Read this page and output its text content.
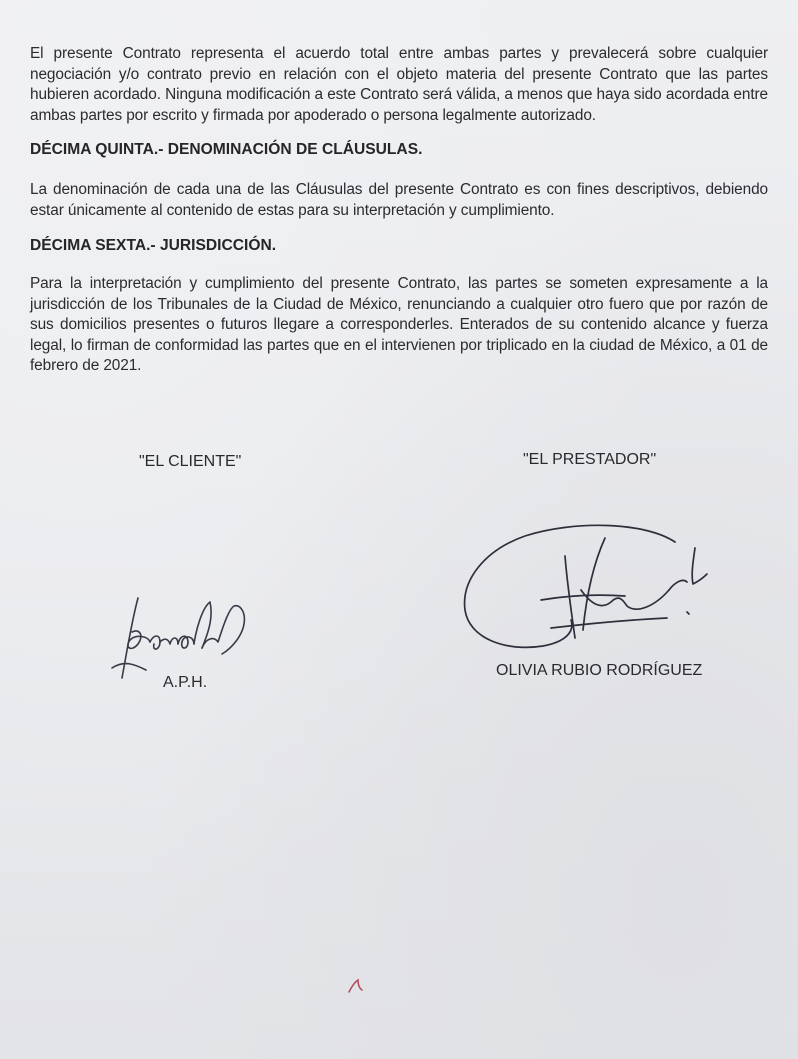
El presente Contrato representa el acuerdo total entre ambas partes y prevalecerá sobre cualquier negociación y/o contrato previo en relación con el objeto materia del presente Contrato que las partes hubieren acordado. Ninguna modificación a este Contrato será válida, a menos que haya sido acordada entre ambas partes por escrito y firmada por apoderado o persona legalmente autorizado.
DÉCIMA QUINTA.- DENOMINACIÓN DE CLÁUSULAS.
La denominación de cada una de las Cláusulas del presente Contrato es con fines descriptivos, debiendo estar únicamente al contenido de estas para su interpretación y cumplimiento.
DÉCIMA SEXTA.- JURISDICCIÓN.
Para la interpretación y cumplimiento del presente Contrato, las partes se someten expresamente a la jurisdicción de los Tribunales de la Ciudad de México, renunciando a cualquier otro fuero que por razón de sus domicilios presentes o futuros llegare a corresponderles. Enterados de su contenido alcance y fuerza legal, lo firman de conformidad las partes que en el intervienen por triplicado en la ciudad de México, a 01 de febrero de 2021.
"EL CLIENTE"
A.P.H.
"EL PRESTADOR"
OLIVIA RUBIO RODRÍGUEZ
